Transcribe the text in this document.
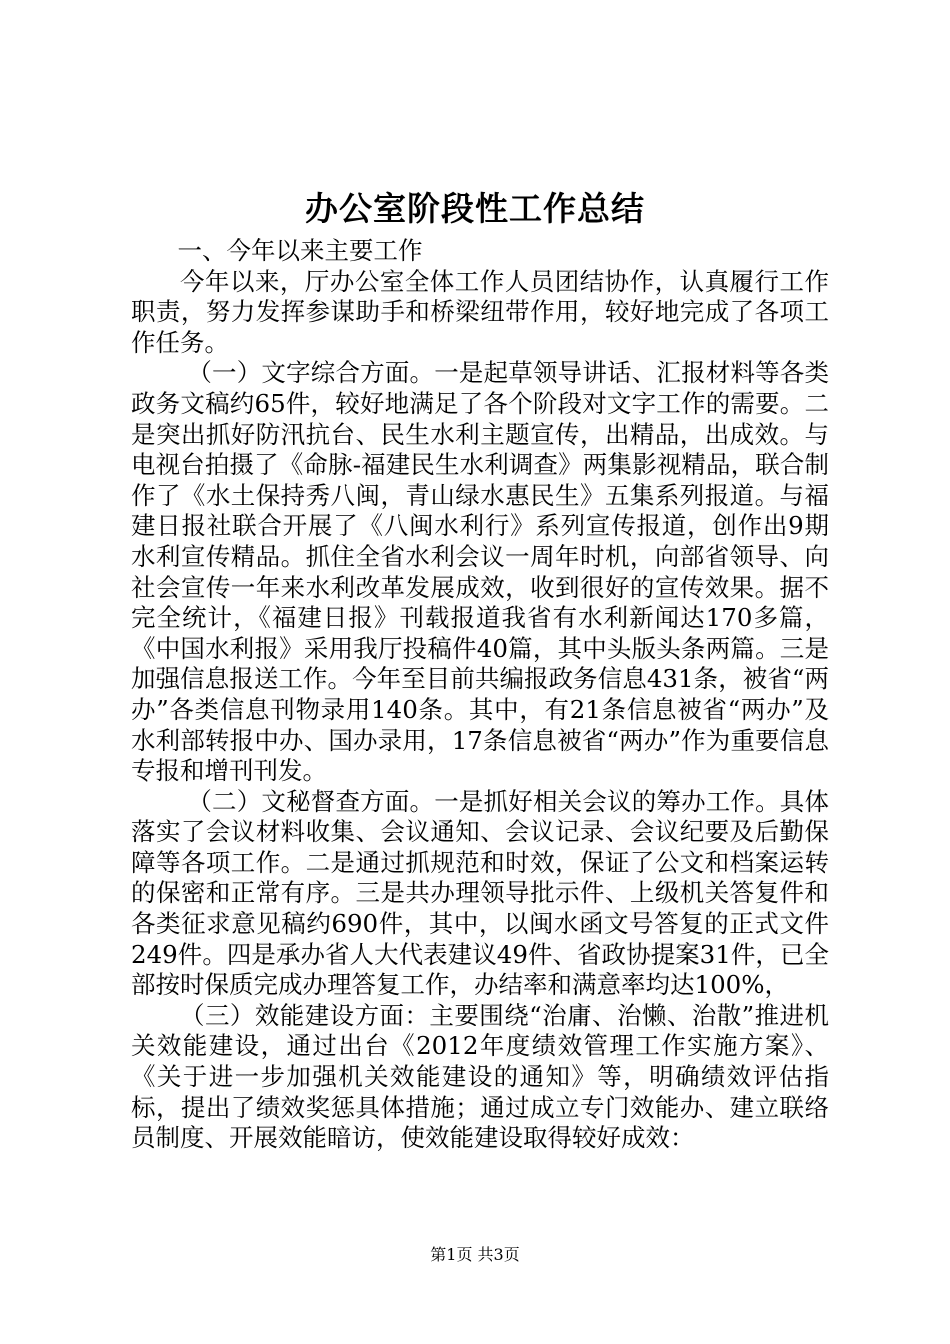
办公室阶段性工作总结

一、今年以来主要工作

今年以来，厅办公室全体工作人员团结协作，认真履行工作职责，努力发挥参谋助手和桥梁纽带作用，较好地完成了各项工作任务。

（一）文字综合方面。一是起草领导讲话、汇报材料等各类政务文稿约65件，较好地满足了各个阶段对文字工作的需要。二是突出抓好防汛抗台、民生水利主题宣传，出精品，出成效。与电视台拍摄了《命脉-福建民生水利调查》两集影视精品，联合制作了《水土保持秀八闽，青山绿水惠民生》五集系列报道。与福建日报社联合开展了《八闽水利行》系列宣传报道，创作出9期水利宣传精品。抓住全省水利会议一周年时机，向部省领导、向社会宣传一年来水利改革发展成效，收到很好的宣传效果。据不完全统计，《福建日报》刊载报道我省有水利新闻达170多篇，《中国水利报》采用我厅投稿件40篇，其中头版头条两篇。三是加强信息报送工作。今年至目前共编报政务信息431条，被省“两办”各类信息刊物录用140条。其中，有21条信息被省“两办”及水利部转报中办、国办录用，17条信息被省“两办”作为重要信息专报和增刊刊发。

（二）文秘督查方面。一是抓好相关会议的筹办工作。具体落实了会议材料收集、会议通知、会议记录、会议纪要及后勤保障等各项工作。二是通过抓规范和时效，保证了公文和档案运转的保密和正常有序。三是共办理领导批示件、上级机关答复件和各类征求意见稿约690件，其中，以闽水函文号答复的正式文件249件。四是承办省人大代表建议49件、省政协提案31件，已全部按时保质完成办理答复工作，办结率和满意率均达100%，

（三）效能建设方面：主要围绕“治庸、治懒、治散”推进机关效能建设，通过出台《2012年度绩效管理工作实施方案》、《关于进一步加强机关效能建设的通知》等，明确绩效评估指标，提出了绩效奖惩具体措施；通过成立专门效能办、建立联络员制度、开展效能暗访，使效能建设取得较好成效：

第1页 共3页
